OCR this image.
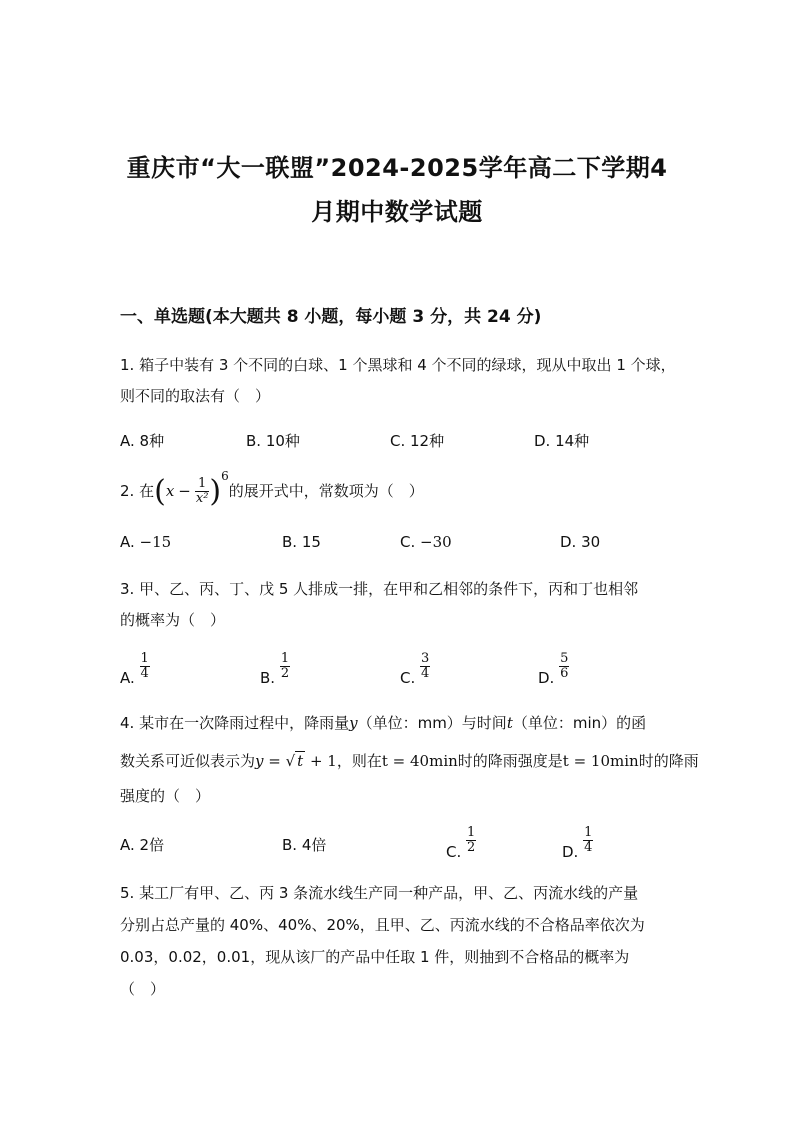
重庆市“大一联盟”2024-2025学年高二下学期4
月期中数学试题
一、单选题(本大题共 8 小题，每小题 3 分，共 24 分)
1. 箱子中装有 3 个不同的白球、1 个黑球和 4 个不同的绿球，现从中取出 1 个球，
则不同的取法有（　）
A. 8种	B. 10种	C. 12种	D. 14种
2. 在$(x - \frac{1}{\text{x²}} )^6$的展开式中，常数项为（　）
A. −15	B. 15	C. −30	D. 30
3. 甲、乙、丙、丁、戊 5 人排成一排，在甲和乙相邻的条件下，丙和丁也相邻
的概率为（　）
A. $\frac{1}{4}$	B. $\frac{1}{2}$	C. $\frac{3}{4}$	D. $\frac{5}{6}$
4. 某市在一次降雨过程中，降雨量y（单位：mm）与时间t（单位：min）的函
数关系可近似表示为y = √ t + 1，则在t = 40min时的降雨强度是t = 10min时的降雨
强度的（　）
A. 2倍	B. 4倍	C. $\frac{1}{2}$	D. $\frac{1}{4}$
5. 某工厂有甲、乙、丙 3 条流水线生产同一种产品，甲、乙、丙流水线的产量
分别占总产量的 40%、40%、20%，且甲、乙、丙流水线的不合格品率依次为
0.03，0.02，0.01，现从该厂的产品中任取 1 件，则抽到不合格品的概率为
（　）
